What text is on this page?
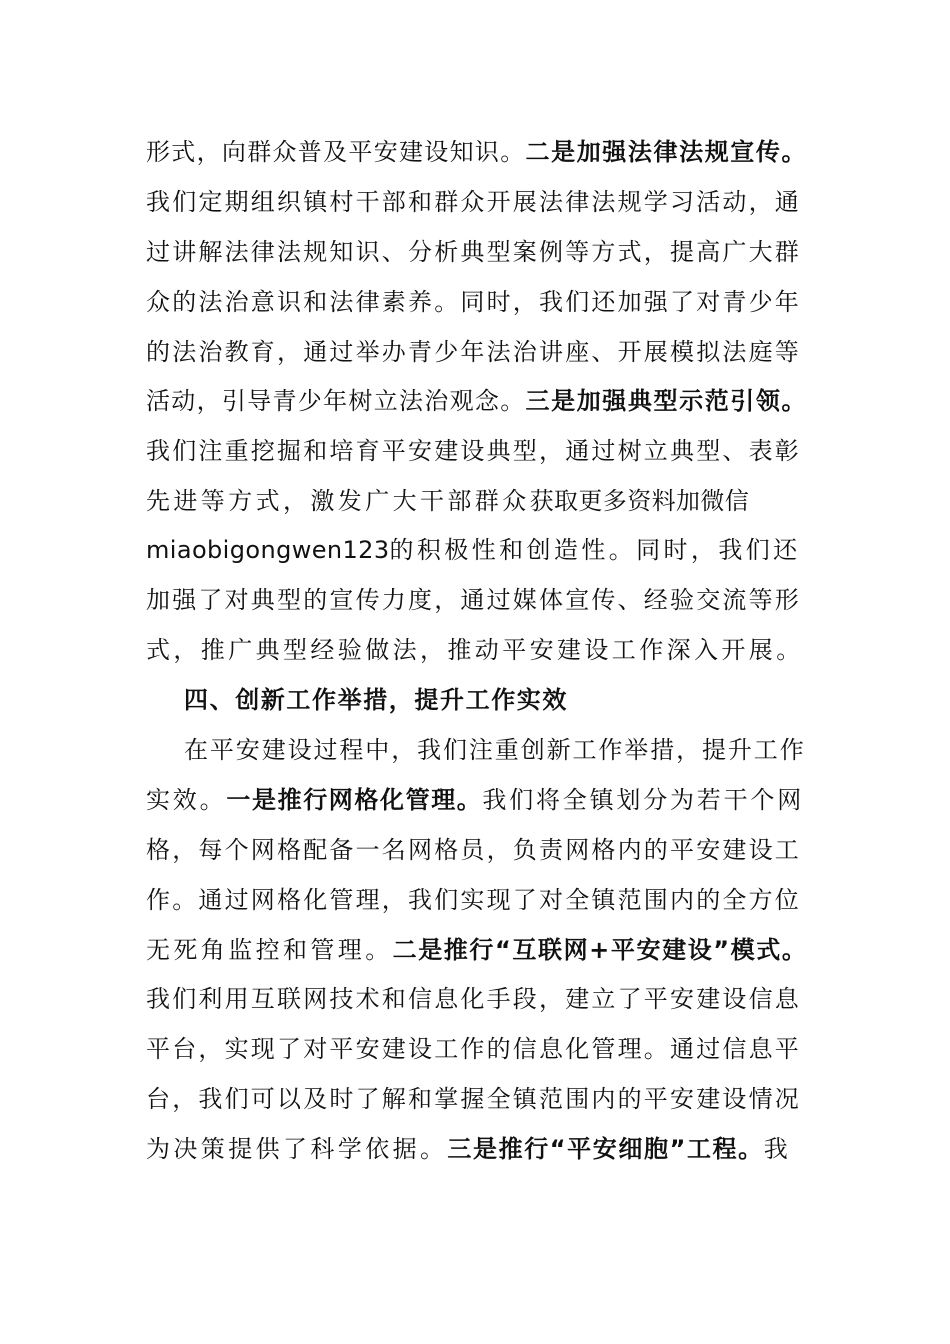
形式，向群众普及平安建设知识。二是加强法律法规宣传。
我们定期组织镇村干部和群众开展法律法规学习活动，通
过讲解法律法规知识、分析典型案例等方式，提高广大群
众的法治意识和法律素养。同时，我们还加强了对青少年
的法治教育，通过举办青少年法治讲座、开展模拟法庭等
活动，引导青少年树立法治观念。三是加强典型示范引领。
我们注重挖掘和培育平安建设典型，通过树立典型、表彰
先进等方式，激发广大干部群众获取更多资料加微信
miaobigongwen123的积极性和创造性。同时，我们还
加强了对典型的宣传力度，通过媒体宣传、经验交流等形
式，推广典型经验做法，推动平安建设工作深入开展。
四、创新工作举措，提升工作实效
在平安建设过程中，我们注重创新工作举措，提升工作
实效。一是推行网格化管理。我们将全镇划分为若干个网
格，每个网格配备一名网格员，负责网格内的平安建设工
作。通过网格化管理，我们实现了对全镇范围内的全方位
无死角监控和管理。二是推行“互联网+平安建设”模式。
我们利用互联网技术和信息化手段，建立了平安建设信息
平台，实现了对平安建设工作的信息化管理。通过信息平
台，我们可以及时了解和掌握全镇范围内的平安建设情况
为决策提供了科学依据。三是推行“平安细胞”工程。我
